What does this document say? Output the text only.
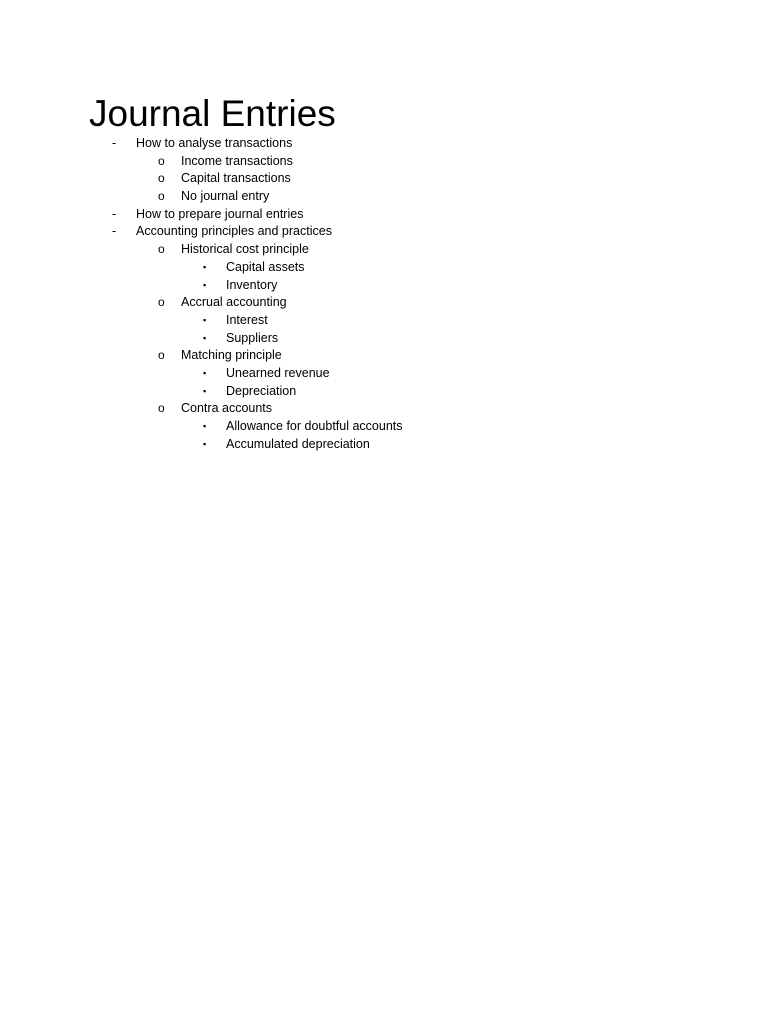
Journal Entries
- How to analyse transactions
o Income transactions
o Capital transactions
o No journal entry
- How to prepare journal entries
- Accounting principles and practices
o Historical cost principle
▪ Capital assets
▪ Inventory
o Accrual accounting
▪ Interest
▪ Suppliers
o Matching principle
▪ Unearned revenue
▪ Depreciation
o Contra accounts
▪ Allowance for doubtful accounts
▪ Accumulated depreciation
